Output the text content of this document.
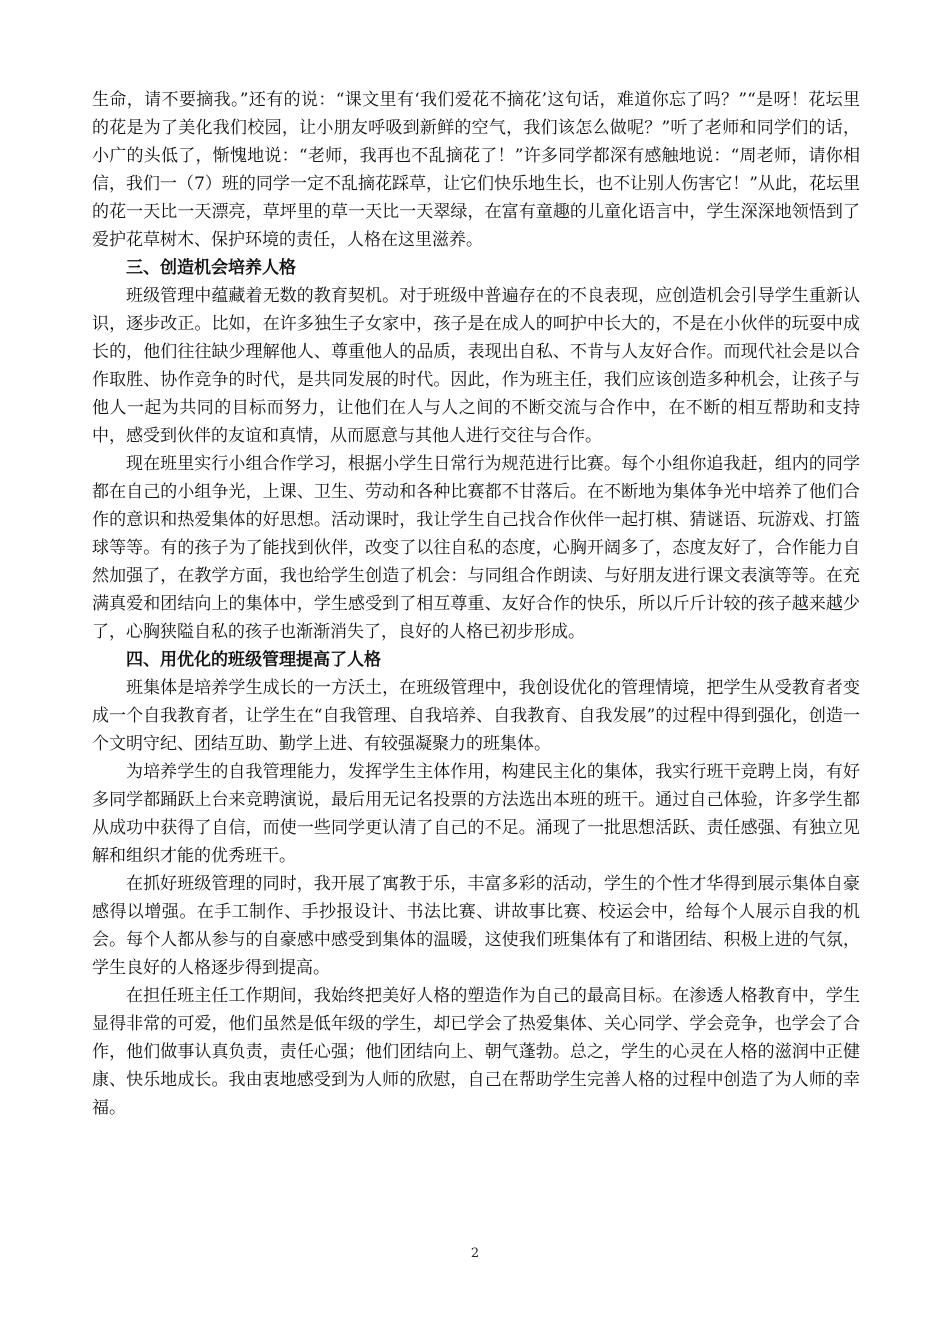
生命，请不要摘我。”还有的说：“课文里有‘我们爱花不摘花’这句话，难道你忘了吗？”“是呀！花坛里的花是为了美化我们校园，让小朋友呼吸到新鲜的空气，我们该怎么做呢？”听了老师和同学们的话，小广的头低了，惭愧地说：“老师，我再也不乱摘花了！”许多同学都深有感触地说：“周老师，请你相信，我们一（7）班的同学一定不乱摘花踩草，让它们快乐地生长，也不让别人伤害它！”从此，花坛里的花一天比一天漂亮，草坪里的草一天比一天翠绿，在富有童趣的儿童化语言中，学生深深地领悟到了爱护花草树木、保护环境的责任，人格在这里滋养。

三、创造机会培养人格

班级管理中蕴藏着无数的教育契机。对于班级中普遍存在的不良表现，应创造机会引导学生重新认识，逐步改正。比如，在许多独生子女家中，孩子是在成人的呵护中长大的，不是在小伙伴的玩耍中成长的，他们往往缺少理解他人、尊重他人的品质，表现出自私、不肯与人友好合作。而现代社会是以合作取胜、协作竞争的时代，是共同发展的时代。因此，作为班主任，我们应该创造多种机会，让孩子与他人一起为共同的目标而努力，让他们在人与人之间的不断交流与合作中，在不断的相互帮助和支持中，感受到伙伴的友谊和真情，从而愿意与其他人进行交往与合作。

现在班里实行小组合作学习，根据小学生日常行为规范进行比赛。每个小组你追我赶，组内的同学都在自己的小组争光，上课、卫生、劳动和各种比赛都不甘落后。在不断地为集体争光中培养了他们合作的意识和热爱集体的好思想。活动课时，我让学生自己找合作伙伴一起打棋、猜谜语、玩游戏、打篮球等等。有的孩子为了能找到伙伴，改变了以往自私的态度，心胸开阔多了，态度友好了，合作能力自然加强了，在教学方面，我也给学生创造了机会：与同组合作朗读、与好朋友进行课文表演等等。在充满真爱和团结向上的集体中，学生感受到了相互尊重、友好合作的快乐，所以斤斤计较的孩子越来越少了，心胸狭隘自私的孩子也渐渐消失了，良好的人格已初步形成。

四、用优化的班级管理提高了人格

班集体是培养学生成长的一方沃土，在班级管理中，我创设优化的管理情境，把学生从受教育者变成一个自我教育者，让学生在“自我管理、自我培养、自我教育、自我发展”的过程中得到强化，创造一个文明守纪、团结互助、勤学上进、有较强凝聚力的班集体。

为培养学生的自我管理能力，发挥学生主体作用，构建民主化的集体，我实行班干竞聘上岗，有好多同学都踊跃上台来竞聘演说，最后用无记名投票的方法选出本班的班干。通过自己体验，许多学生都从成功中获得了自信，而使一些同学更认清了自己的不足。涌现了一批思想活跃、责任感强、有独立见解和组织才能的优秀班干。

在抓好班级管理的同时，我开展了寓教于乐，丰富多彩的活动，学生的个性才华得到展示集体自豪感得以增强。在手工制作、手抄报设计、书法比赛、讲故事比赛、校运会中，给每个人展示自我的机会。每个人都从参与的自豪感中感受到集体的温暖，这使我们班集体有了和谐团结、积极上进的气氛，学生良好的人格逐步得到提高。

在担任班主任工作期间，我始终把美好人格的塑造作为自己的最高目标。在渗透人格教育中，学生显得非常的可爱，他们虽然是低年级的学生，却已学会了热爱集体、关心同学、学会竞争，也学会了合作，他们做事认真负责，责任心强；他们团结向上、朝气蓬勃。总之，学生的心灵在人格的滋润中正健康、快乐地成长。我由衷地感受到为人师的欣慰，自己在帮助学生完善人格的过程中创造了为人师的幸福。

2
